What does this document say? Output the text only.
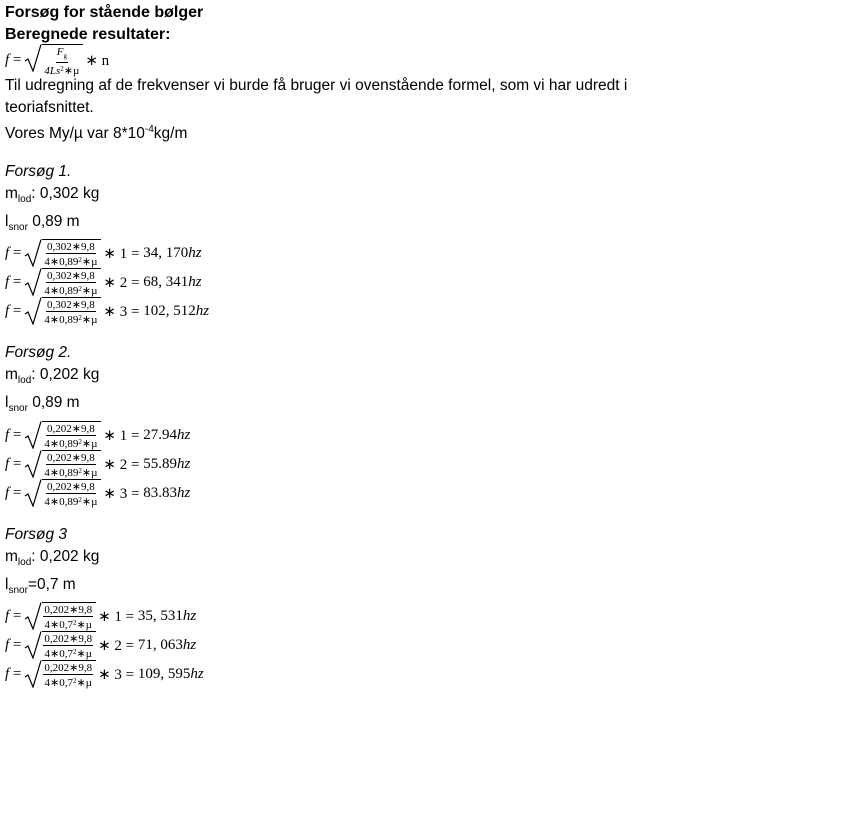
Forsøg for stående bølger
Beregnede resultater:
f
= $\frac{F_g}{4Ls^2∗\mu}$ ∗ n
Til udregning af de frekvenser vi burde få bruger vi ovenstående formel, som vi har udredt i
teoriafsnittet.
Vores My/µ var $8*10^{-4}kg/m$
Forsøg 1.
$m_{lod}$: 0,302 kg
$l_{snor}$ 0,89 m
f
= $\frac{0,302∗9,8}{4∗0,89^2∗\mu}$ ∗ 1 =
34, 170 hz
f
= $\frac{0,302∗9,8}{4∗0,89^2∗\mu}$ ∗ 2 =
68, 341 hz
f
= $\frac{0,302∗9,8}{4∗0,89^2∗\mu}$ ∗ 3 =
102, 512 hz
Forsøg 2.
$m_{lod}$: 0,202 kg
$l_{snor}$ 0,89 m
f
= $\frac{0,202∗9,8}{4∗0,89^2∗\mu}$ ∗ 1 =
27.94 hz
f
= $\frac{0,202∗9,8}{4∗0,89^2∗\mu}$ ∗ 2 =
55.89 hz
f
= $\frac{0,202∗9,8}{4∗0,89^2∗\mu}$ ∗ 3 =
83.83 hz
Forsøg 3
$m_{lod}$: 0,202 kg
$l_{snor}=0,7$ m
f
= $\frac{0,202∗9,8}{4∗0,7^2∗\mu}$ ∗ 1 =
35, 531 hz
f
= $\frac{0,202∗9,8}{4∗0,7^2∗\mu}$ ∗ 2 =
71, 063 hz
f
= $\frac{0,202∗9,8}{4∗0,7^2∗\mu}$ ∗ 3 =
109, 595 hz
